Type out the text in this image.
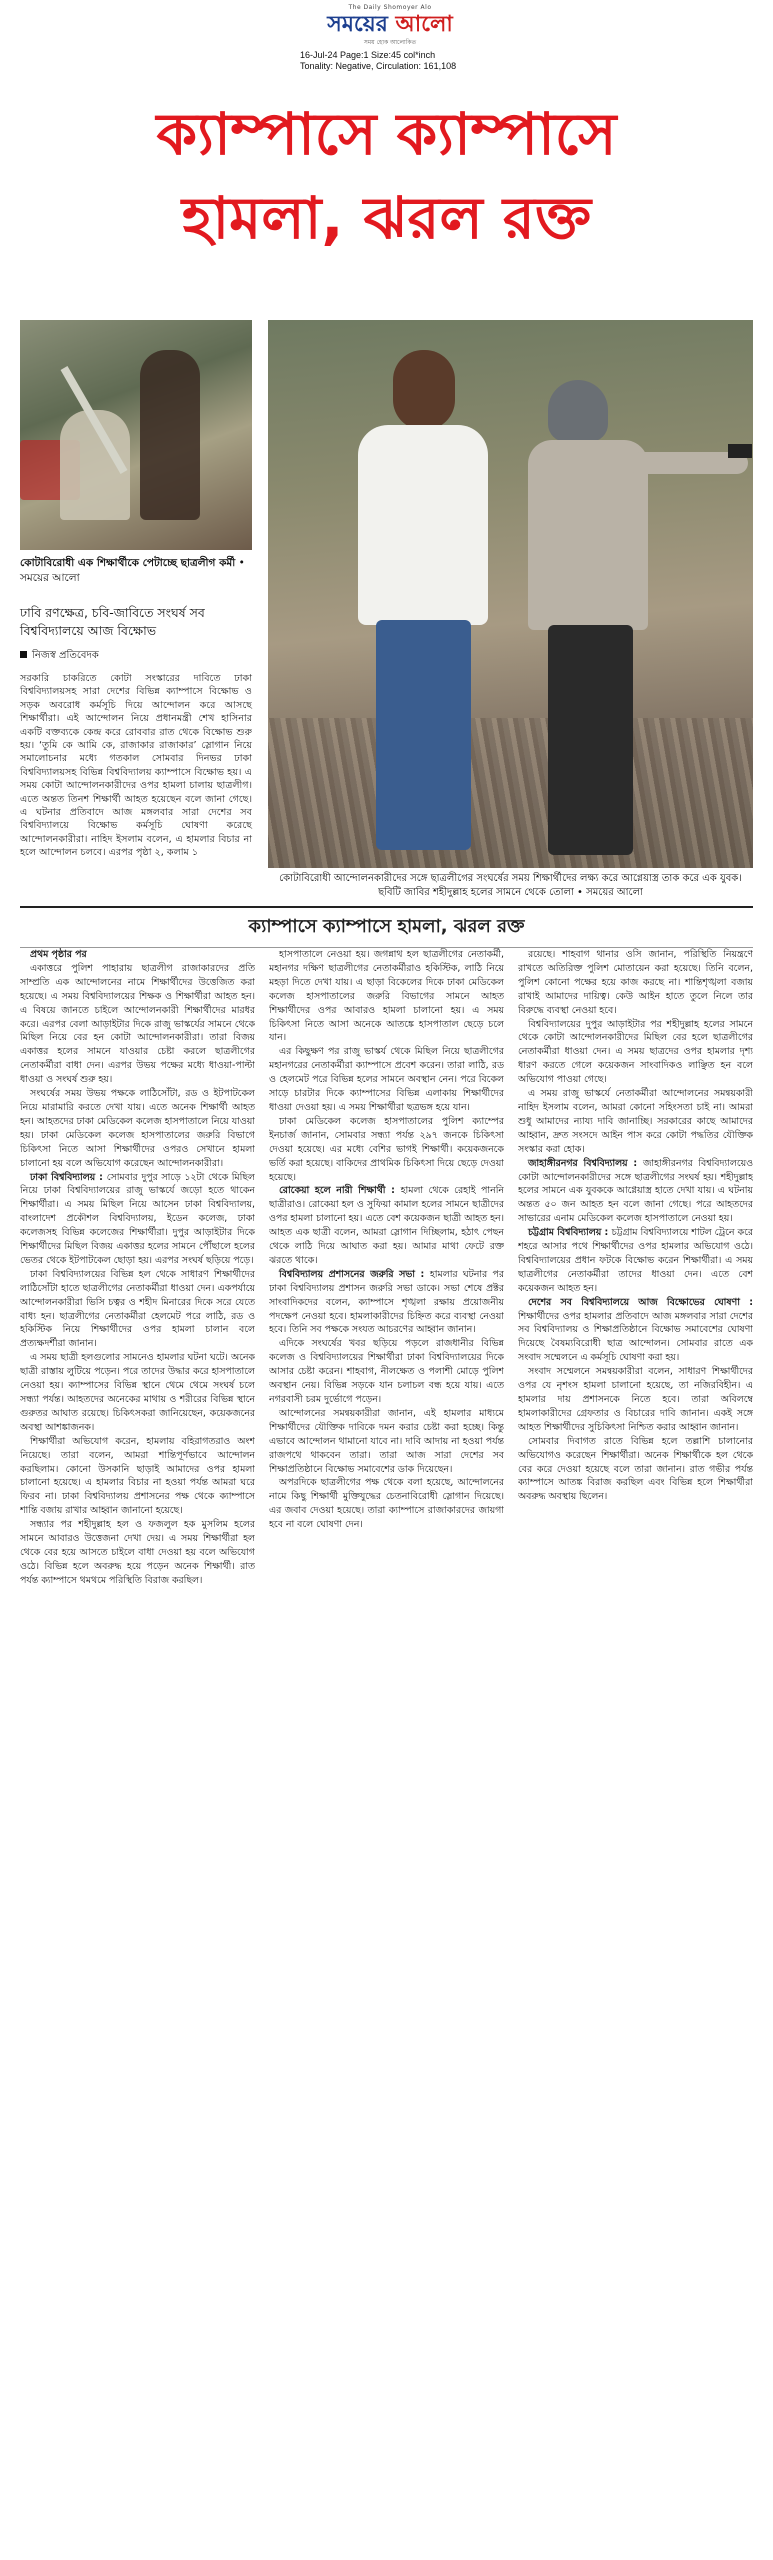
The Daily Shomoyer Alo
সময়ের আলো
সময় হোক আলোকিত
16-Jul-24 Page:1 Size:45 col*inch
Tonality: Negative, Circulation: 161,108
ক্যাম্পাসে ক্যাম্পাসে
হামলা, ঝরল রক্ত
কোটাবিরোধী এক শিক্ষার্থীকে পেটাচ্ছে ছাত্রলীগ কর্মী • সময়ের আলো
ঢাবি রণক্ষেত্র, চবি-জাবিতে সংঘর্ষ সব বিশ্ববিদ্যালয়ে আজ বিক্ষোভ
নিজস্ব প্রতিবেদক
সরকারি চাকরিতে কোটা সংস্কারের দাবিতে ঢাকা বিশ্ববিদ্যালয়সহ সারা দেশের বিভিন্ন ক্যাম্পাসে বিক্ষোভ ও সড়ক অবরোধ কর্মসূচি দিয়ে আন্দোলন করে আসছে শিক্ষার্থীরা। এই আন্দোলন নিয়ে প্রধানমন্ত্রী শেখ হাসিনার একটি বক্তব্যকে কেন্দ্র করে রোববার রাত থেকে বিক্ষোভ শুরু হয়। ‘তুমি কে আমি কে, রাজাকার রাজাকার’ স্লোগান নিয়ে সমালোচনার মধ্যে গতকাল সোমবার দিনভর ঢাকা বিশ্ববিদ্যালয়সহ বিভিন্ন বিশ্ববিদ্যালয় ক্যাম্পাসে বিক্ষোভ হয়। এ সময় কোটা আন্দোলনকারীদের ওপর হামলা চালায় ছাত্রলীগ। এতে অন্তত তিনশ শিক্ষার্থী আহত হয়েছেন বলে জানা গেছে। এ ঘটনার প্রতিবাদে আজ মঙ্গলবার সারা দেশের সব বিশ্ববিদ্যালয়ে বিক্ষোভ কর্মসূচি ঘোষণা করেছে আন্দোলনকারীরা। নাহিদ ইসলাম বলেন, এ হামলার বিচার না হলে আন্দোলন চলবে। এরপর পৃষ্ঠা ২, কলাম ১
কোটাবিরোধী আন্দোলনকারীদের সঙ্গে ছাত্রলীগের সংঘর্ষের সময় শিক্ষার্থীদের লক্ষ্য করে আগ্নেয়াস্ত্র তাক করে এক যুবক। ছবিটি জাবির শহীদুল্লাহ হলের সামনে থেকে তোলা • সময়ের আলো
ক্যাম্পাসে ক্যাম্পাসে হামলা, ঝরল রক্ত

প্রথম পৃষ্ঠার পর

একাত্তরে পুলিশ পাহারায় ছাত্রলীগ রাজাকারদের প্রতি সাম্প্রতি এক আন্দোলনের নামে শিক্ষার্থীদের উত্তেজিত করা হয়েছে। এ সময় বিশ্ববিদ্যালয়ের শিক্ষক ও শিক্ষার্থীরা আহত হন। এ বিষয়ে জানতে চাইলে আন্দোলনকারী শিক্ষার্থীদের মারধর করে। এরপর বেলা আড়াইটার দিকে রাজু ভাস্কর্যের সামনে থেকে মিছিল নিয়ে বের হন কোটা আন্দোলনকারীরা। তারা বিজয় একাত্তর হলের সামনে যাওয়ার চেষ্টা করলে ছাত্রলীগের নেতাকর্মীরা বাধা দেন। এরপর উভয় পক্ষের মধ্যে ধাওয়া-পাল্টা ধাওয়া ও সংঘর্ষ শুরু হয়।

সংঘর্ষের সময় উভয় পক্ষকে লাঠিসোঁটা, রড ও ইটপাটকেল নিয়ে মারামারি করতে দেখা যায়। এতে অনেক শিক্ষার্থী আহত হন। আহতদের ঢাকা মেডিকেল কলেজ হাসপাতালে নিয়ে যাওয়া হয়। ঢাকা মেডিকেল কলেজ হাসপাতালের জরুরি বিভাগে চিকিৎসা নিতে আসা শিক্ষার্থীদের ওপরও সেখানে হামলা চালানো হয় বলে অভিযোগ করেছেন আন্দোলনকারীরা।

ঢাকা বিশ্ববিদ্যালয় : সোমবার দুপুর সাড়ে ১২টা থেকে মিছিল নিয়ে ঢাকা বিশ্ববিদ্যালয়ের রাজু ভাস্কর্যে জড়ো হতে থাকেন শিক্ষার্থীরা। এ সময় মিছিল নিয়ে আসেন ঢাকা বিশ্ববিদ্যালয়, বাংলাদেশ প্রকৌশল বিশ্ববিদ্যালয়, ইডেন কলেজ, ঢাকা কলেজসহ বিভিন্ন কলেজের শিক্ষার্থীরা। দুপুর আড়াইটার দিকে শিক্ষার্থীদের মিছিল বিজয় একাত্তর হলের সামনে পৌঁছালে হলের ভেতর থেকে ইটপাটকেল ছোড়া হয়। এরপর সংঘর্ষ ছড়িয়ে পড়ে।

ঢাকা বিশ্ববিদ্যালয়ের বিভিন্ন হল থেকে সাধারণ শিক্ষার্থীদের লাঠিসোঁটা হাতে ছাত্রলীগের নেতাকর্মীরা ধাওয়া দেন। একপর্যায়ে আন্দোলনকারীরা ভিসি চত্বর ও শহীদ মিনারের দিকে সরে যেতে বাধ্য হন। ছাত্রলীগের নেতাকর্মীরা হেলমেট পরে লাঠি, রড ও হকিস্টিক নিয়ে শিক্ষার্থীদের ওপর হামলা চালান বলে প্রত্যক্ষদর্শীরা জানান।

এ সময় ছাত্রী হলগুলোর সামনেও হামলার ঘটনা ঘটে। অনেক ছাত্রী রাস্তায় লুটিয়ে পড়েন। পরে তাদের উদ্ধার করে হাসপাতালে নেওয়া হয়। ক্যাম্পাসের বিভিন্ন স্থানে থেমে থেমে সংঘর্ষ চলে সন্ধ্যা পর্যন্ত। আহতদের অনেকের মাথায় ও শরীরের বিভিন্ন স্থানে গুরুতর আঘাত রয়েছে। চিকিৎসকরা জানিয়েছেন, কয়েকজনের অবস্থা আশঙ্কাজনক।

শিক্ষার্থীরা অভিযোগ করেন, হামলায় বহিরাগতরাও অংশ নিয়েছে। তারা বলেন, আমরা শান্তিপূর্ণভাবে আন্দোলন করছিলাম। কোনো উসকানি ছাড়াই আমাদের ওপর হামলা চালানো হয়েছে। এ হামলার বিচার না হওয়া পর্যন্ত আমরা ঘরে ফিরব না। ঢাকা বিশ্ববিদ্যালয় প্রশাসনের পক্ষ থেকে ক্যাম্পাসে শান্তি বজায় রাখার আহ্বান জানানো হয়েছে।

সন্ধ্যার পর শহীদুল্লাহ হল ও ফজলুল হক মুসলিম হলের সামনে আবারও উত্তেজনা দেখা দেয়। এ সময় শিক্ষার্থীরা হল থেকে বের হয়ে আসতে চাইলে বাধা দেওয়া হয় বলে অভিযোগ ওঠে। বিভিন্ন হলে অবরুদ্ধ হয়ে পড়েন অনেক শিক্ষার্থী। রাত পর্যন্ত ক্যাম্পাসে থমথমে পরিস্থিতি বিরাজ করছিল।

হাসপাতালে নেওয়া হয়। জগন্নাথ হল ছাত্রলীগের নেতাকর্মী, মহানগর দক্ষিণ ছাত্রলীগের নেতাকর্মীরাও হকিস্টিক, লাঠি নিয়ে মহড়া দিতে দেখা যায়। এ ছাড়া বিকেলের দিকে ঢাকা মেডিকেল কলেজ হাসপাতালের জরুরি বিভাগের সামনে আহত শিক্ষার্থীদের ওপর আবারও হামলা চালানো হয়। এ সময় চিকিৎসা নিতে আসা অনেকে আতঙ্কে হাসপাতাল ছেড়ে চলে যান।

এর কিছুক্ষণ পর রাজু ভাস্কর্য থেকে মিছিল নিয়ে ছাত্রলীগের মহানগরের নেতাকর্মীরা ক্যাম্পাসে প্রবেশ করেন। তারা লাঠি, রড ও হেলমেট পরে বিভিন্ন হলের সামনে অবস্থান নেন। পরে বিকেল সাড়ে চারটার দিকে ক্যাম্পাসের বিভিন্ন এলাকায় শিক্ষার্থীদের ধাওয়া দেওয়া হয়। এ সময় শিক্ষার্থীরা ছত্রভঙ্গ হয়ে যান।

ঢাকা মেডিকেল কলেজ হাসপাতালের পুলিশ ক্যাম্পের ইনচার্জ জানান, সোমবার সন্ধ্যা পর্যন্ত ২৯৭ জনকে চিকিৎসা দেওয়া হয়েছে। এর মধ্যে বেশির ভাগই শিক্ষার্থী। কয়েকজনকে ভর্তি করা হয়েছে। বাকিদের প্রাথমিক চিকিৎসা দিয়ে ছেড়ে দেওয়া হয়েছে।

রোকেয়া হলে নারী শিক্ষার্থী : হামলা থেকে রেহাই পাননি ছাত্রীরাও। রোকেয়া হল ও সুফিয়া কামাল হলের সামনে ছাত্রীদের ওপর হামলা চালানো হয়। এতে বেশ কয়েকজন ছাত্রী আহত হন। আহত এক ছাত্রী বলেন, আমরা স্লোগান দিচ্ছিলাম, হঠাৎ পেছন থেকে লাঠি দিয়ে আঘাত করা হয়। আমার মাথা ফেটে রক্ত ঝরতে থাকে।

বিশ্ববিদ্যালয় প্রশাসনের জরুরি সভা : হামলার ঘটনার পর ঢাকা বিশ্ববিদ্যালয় প্রশাসন জরুরি সভা ডাকে। সভা শেষে প্রক্টর সাংবাদিকদের বলেন, ক্যাম্পাসে শৃঙ্খলা রক্ষায় প্রয়োজনীয় পদক্ষেপ নেওয়া হবে। হামলাকারীদের চিহ্নিত করে ব্যবস্থা নেওয়া হবে। তিনি সব পক্ষকে সংযত আচরণের আহ্বান জানান।

এদিকে সংঘর্ষের খবর ছড়িয়ে পড়লে রাজধানীর বিভিন্ন কলেজ ও বিশ্ববিদ্যালয়ের শিক্ষার্থীরা ঢাকা বিশ্ববিদ্যালয়ের দিকে আসার চেষ্টা করেন। শাহবাগ, নীলক্ষেত ও পলাশী মোড়ে পুলিশ অবস্থান নেয়। বিভিন্ন সড়কে যান চলাচল বন্ধ হয়ে যায়। এতে নগরবাসী চরম দুর্ভোগে পড়েন।

আন্দোলনের সমন্বয়কারীরা জানান, এই হামলার মাধ্যমে শিক্ষার্থীদের যৌক্তিক দাবিকে দমন করার চেষ্টা করা হচ্ছে। কিন্তু এভাবে আন্দোলন থামানো যাবে না। দাবি আদায় না হওয়া পর্যন্ত রাজপথে থাকবেন তারা। তারা আজ সারা দেশের সব শিক্ষাপ্রতিষ্ঠানে বিক্ষোভ সমাবেশের ডাক দিয়েছেন।

অপরদিকে ছাত্রলীগের পক্ষ থেকে বলা হয়েছে, আন্দোলনের নামে কিছু শিক্ষার্থী মুক্তিযুদ্ধের চেতনাবিরোধী স্লোগান দিয়েছে। এর জবাব দেওয়া হয়েছে। তারা ক্যাম্পাসে রাজাকারদের জায়গা হবে না বলে ঘোষণা দেন।

রয়েছে। শাহবাগ থানার ওসি জানান, পরিস্থিতি নিয়ন্ত্রণে রাখতে অতিরিক্ত পুলিশ মোতায়েন করা হয়েছে। তিনি বলেন, পুলিশ কোনো পক্ষের হয়ে কাজ করছে না। শান্তিশৃঙ্খলা বজায় রাখাই আমাদের দায়িত্ব। কেউ আইন হাতে তুলে নিলে তার বিরুদ্ধে ব্যবস্থা নেওয়া হবে।

বিশ্ববিদ্যালয়ের দুপুর আড়াইটার পর শহীদুল্লাহ হলের সামনে থেকে কোটা আন্দোলনকারীদের মিছিল বের হলে ছাত্রলীগের নেতাকর্মীরা ধাওয়া দেন। এ সময় ছাত্রদের ওপর হামলার দৃশ্য ধারণ করতে গেলে কয়েকজন সাংবাদিকও লাঞ্ছিত হন বলে অভিযোগ পাওয়া গেছে।

এ সময় রাজু ভাস্কর্যে নেতাকর্মীরা আন্দোলনের সমন্বয়কারী নাহিদ ইসলাম বলেন, আমরা কোনো সহিংসতা চাই না। আমরা শুধু আমাদের ন্যায্য দাবি জানাচ্ছি। সরকারের কাছে আমাদের আহ্বান, দ্রুত সংসদে আইন পাস করে কোটা পদ্ধতির যৌক্তিক সংস্কার করা হোক।

জাহাঙ্গীরনগর বিশ্ববিদ্যালয় : জাহাঙ্গীরনগর বিশ্ববিদ্যালয়েও কোটা আন্দোলনকারীদের সঙ্গে ছাত্রলীগের সংঘর্ষ হয়। শহীদুল্লাহ হলের সামনে এক যুবককে আগ্নেয়াস্ত্র হাতে দেখা যায়। এ ঘটনায় অন্তত ৫০ জন আহত হন বলে জানা গেছে। পরে আহতদের সাভারের এনাম মেডিকেল কলেজ হাসপাতালে নেওয়া হয়।

চট্টগ্রাম বিশ্ববিদ্যালয় : চট্টগ্রাম বিশ্ববিদ্যালয়ে শাটল ট্রেনে করে শহরে আসার পথে শিক্ষার্থীদের ওপর হামলার অভিযোগ ওঠে। বিশ্ববিদ্যালয়ের প্রধান ফটকে বিক্ষোভ করেন শিক্ষার্থীরা। এ সময় ছাত্রলীগের নেতাকর্মীরা তাদের ধাওয়া দেন। এতে বেশ কয়েকজন আহত হন।

দেশের সব বিশ্ববিদ্যালয়ে আজ বিক্ষোভের ঘোষণা : শিক্ষার্থীদের ওপর হামলার প্রতিবাদে আজ মঙ্গলবার সারা দেশের সব বিশ্ববিদ্যালয় ও শিক্ষাপ্রতিষ্ঠানে বিক্ষোভ সমাবেশের ঘোষণা দিয়েছে বৈষম্যবিরোধী ছাত্র আন্দোলন। সোমবার রাতে এক সংবাদ সম্মেলনে এ কর্মসূচি ঘোষণা করা হয়।

সংবাদ সম্মেলনে সমন্বয়কারীরা বলেন, সাধারণ শিক্ষার্থীদের ওপর যে নৃশংস হামলা চালানো হয়েছে, তা নজিরবিহীন। এ হামলার দায় প্রশাসনকে নিতে হবে। তারা অবিলম্বে হামলাকারীদের গ্রেফতার ও বিচারের দাবি জানান। একই সঙ্গে আহত শিক্ষার্থীদের সুচিকিৎসা নিশ্চিত করার আহ্বান জানান।

সোমবার দিবাগত রাতে বিভিন্ন হলে তল্লাশি চালানোর অভিযোগও করেছেন শিক্ষার্থীরা। অনেক শিক্ষার্থীকে হল থেকে বের করে দেওয়া হয়েছে বলে তারা জানান। রাত গভীর পর্যন্ত ক্যাম্পাসে আতঙ্ক বিরাজ করছিল এবং বিভিন্ন হলে শিক্ষার্থীরা অবরুদ্ধ অবস্থায় ছিলেন।
